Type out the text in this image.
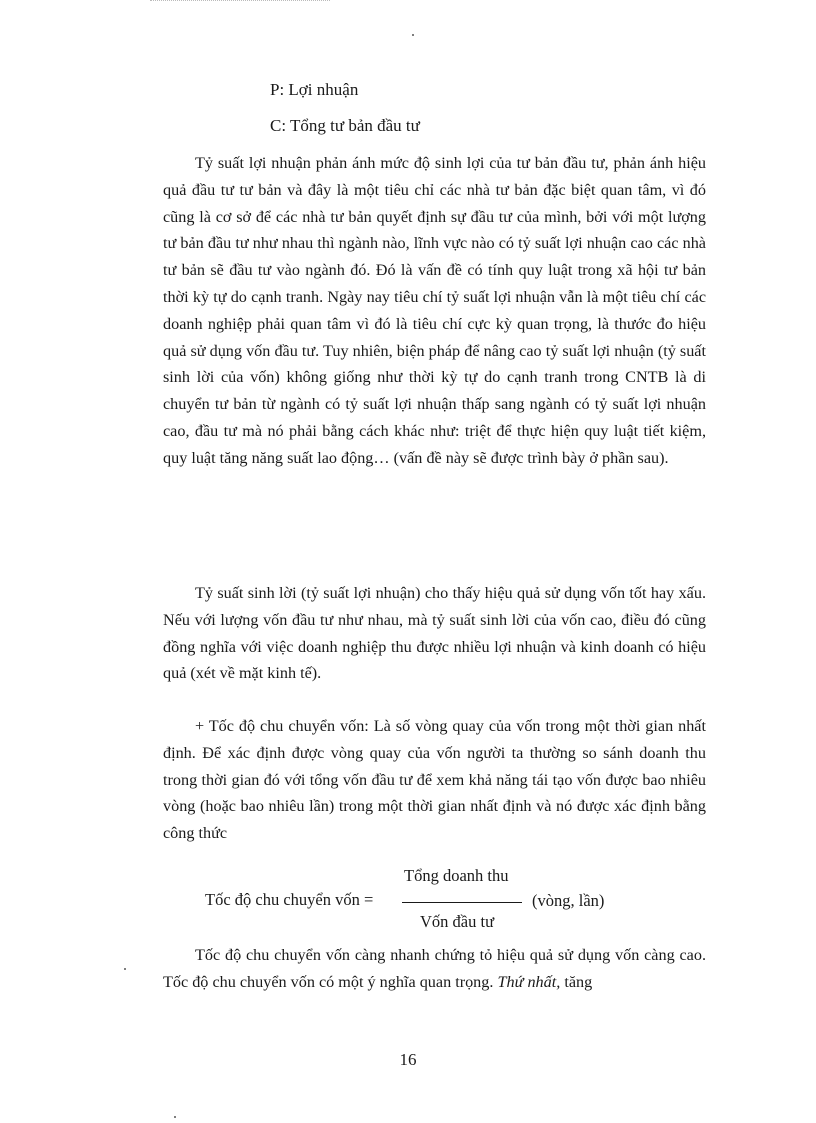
P: Lợi nhuận
C: Tổng tư bản đầu tư

Tỷ suất lợi nhuận phản ánh mức độ sinh lợi của tư bản đầu tư, phản ánh hiệu quả đầu tư tư bản và đây là một tiêu chỉ các nhà tư bản đặc biệt quan tâm, vì đó cũng là cơ sở để các nhà tư bản quyết định sự đầu tư của mình, bởi với một lượng tư bản đầu tư như nhau thì ngành nào, lĩnh vực nào có tỷ suất lợi nhuận cao các nhà tư bản sẽ đầu tư vào ngành đó. Đó là vấn đề có tính quy luật trong xã hội tư bản thời kỳ tự do cạnh tranh. Ngày nay tiêu chí tỷ suất lợi nhuận vẫn là một tiêu chí các doanh nghiệp phải quan tâm vì đó là tiêu chí cực kỳ quan trọng, là thước đo hiệu quả sử dụng vốn đầu tư. Tuy nhiên, biện pháp để nâng cao tỷ suất lợi nhuận (tỷ suất sinh lời của vốn) không giống như thời kỳ tự do cạnh tranh trong CNTB là di chuyển tư bản từ ngành có tỷ suất lợi nhuận thấp sang ngành có tỷ suất lợi nhuận cao, đầu tư mà nó phải bằng cách khác như: triệt để thực hiện quy luật tiết kiệm, quy luật tăng năng suất lao động… (vấn đề này sẽ được trình bày ở phần sau).

Tỷ suất sinh lời (tỷ suất lợi nhuận) cho thấy hiệu quả sử dụng vốn tốt hay xấu. Nếu với lượng vốn đầu tư như nhau, mà tỷ suất sinh lời của vốn cao, điều đó cũng đồng nghĩa với việc doanh nghiệp thu được nhiều lợi nhuận và kinh doanh có hiệu quả (xét về mặt kinh tế).

+ Tốc độ chu chuyển vốn: Là số vòng quay của vốn trong một thời gian nhất định. Để xác định được vòng quay của vốn người ta thường so sánh doanh thu trong thời gian đó với tổng vốn đầu tư để xem khả năng tái tạo vốn được bao nhiêu vòng (hoặc bao nhiêu lần) trong một thời gian nhất định và nó được xác định bằng công thức

Tốc độ chu chuyển vốn =
Tổng doanh thu
Vốn đầu tư
(vòng, lần)

Tốc độ chu chuyển vốn càng nhanh chứng tỏ hiệu quả sử dụng vốn càng cao. Tốc độ chu chuyển vốn có một ý nghĩa quan trọng. Thứ nhất, tăng

16
